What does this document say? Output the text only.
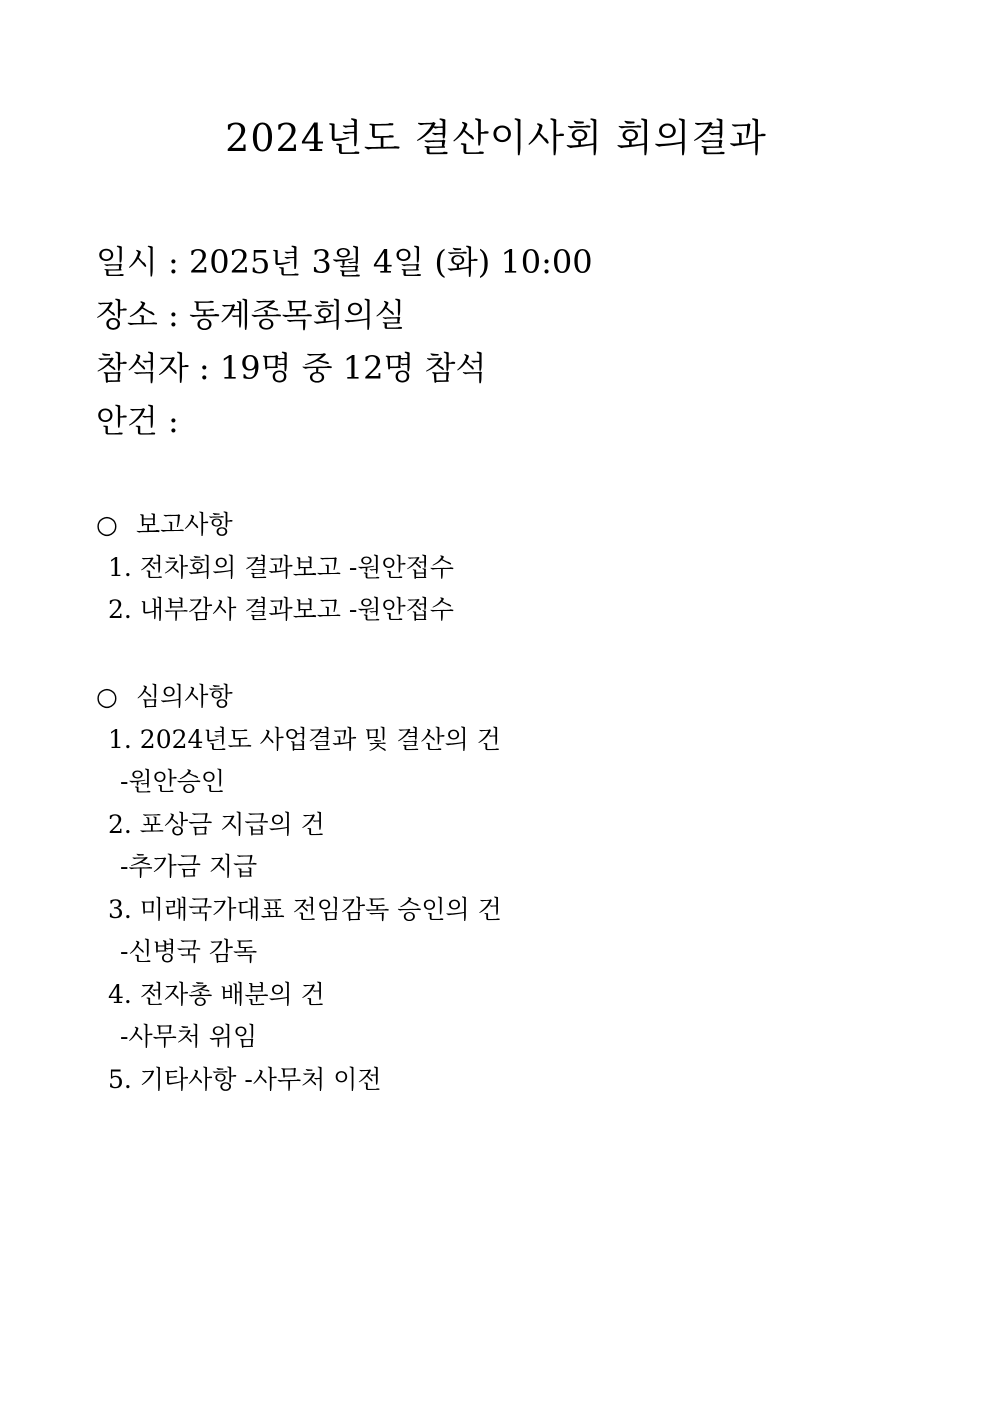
2024년도 결산이사회 회의결과
일시 : 2025년 3월 4일 (화) 10:00
장소 : 동계종목회의실
참석자 : 19명 중 12명 참석
안건 :
○ 보고사항
1. 전차회의 결과보고 -원안접수
2. 내부감사 결과보고 -원안접수
○ 심의사항
1. 2024년도 사업결과 및 결산의 건
-원안승인
2. 포상금 지급의 건
-추가금 지급
3. 미래국가대표 전임감독 승인의 건
-신병국 감독
4. 전자총 배분의 건
-사무처 위임
5. 기타사항 -사무처 이전
